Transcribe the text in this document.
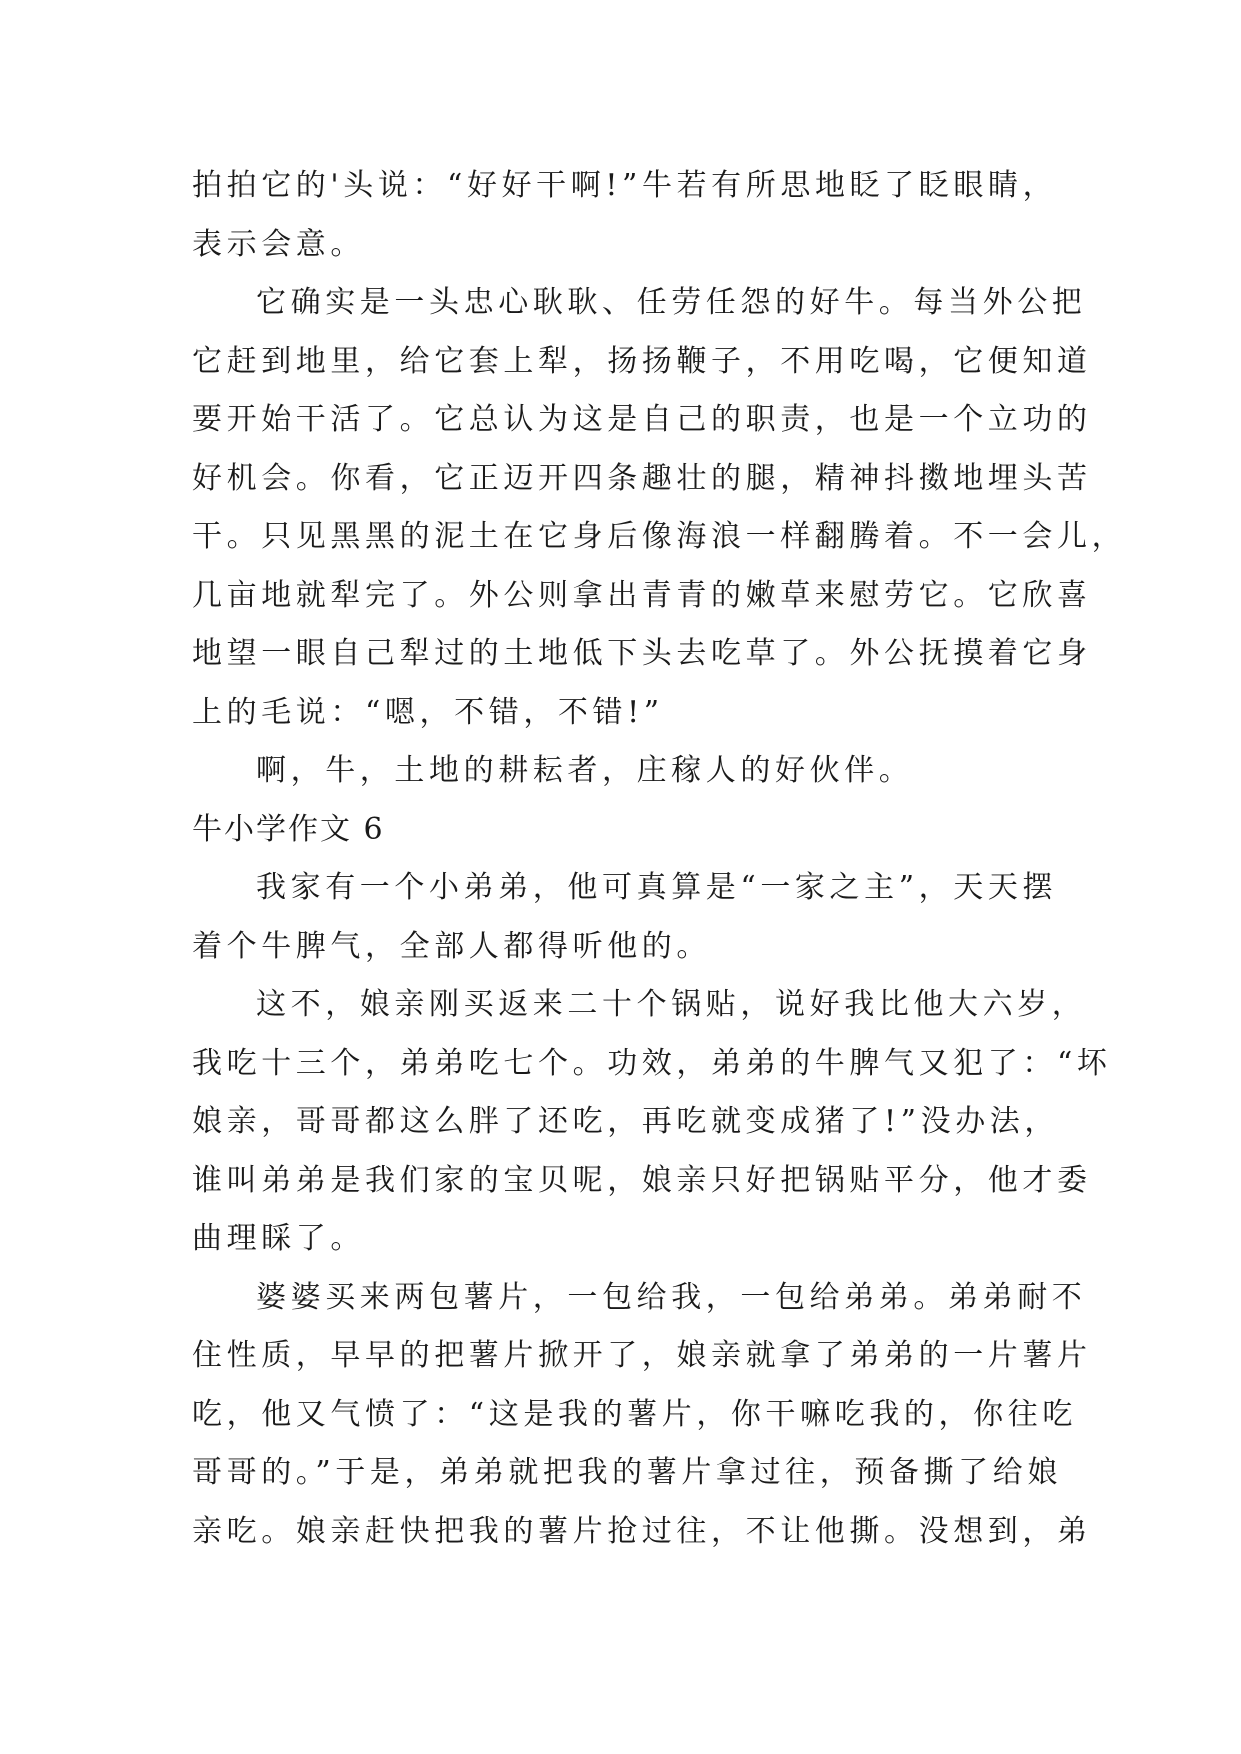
拍拍它的'头说：“好好干啊!”牛若有所思地眨了眨眼睛，
表示会意。
它确实是一头忠心耿耿、任劳任怨的好牛。每当外公把
它赶到地里，给它套上犁，扬扬鞭子，不用吃喝，它便知道
要开始干活了。它总认为这是自己的职责，也是一个立功的
好机会。你看，它正迈开四条趣壮的腿，精神抖擞地埋头苦
干。只见黑黑的泥土在它身后像海浪一样翻腾着。不一会儿，
几亩地就犁完了。外公则拿出青青的嫩草来慰劳它。它欣喜
地望一眼自己犁过的土地低下头去吃草了。外公抚摸着它身
上的毛说：“嗯，不错，不错!”
啊，牛，土地的耕耘者，庄稼人的好伙伴。
牛小学作文 6
我家有一个小弟弟，他可真算是“一家之主”，天天摆
着个牛脾气，全部人都得听他的。
这不，娘亲刚买返来二十个锅贴，说好我比他大六岁，
我吃十三个，弟弟吃七个。功效，弟弟的牛脾气又犯了：“坏
娘亲，哥哥都这么胖了还吃，再吃就变成猪了!”没办法，
谁叫弟弟是我们家的宝贝呢，娘亲只好把锅贴平分，他才委
曲理睬了。
婆婆买来两包薯片，一包给我，一包给弟弟。弟弟耐不
住性质，早早的把薯片掀开了，娘亲就拿了弟弟的一片薯片
吃，他又气愤了：“这是我的薯片，你干嘛吃我的，你往吃
哥哥的。”于是，弟弟就把我的薯片拿过往，预备撕了给娘
亲吃。娘亲赶快把我的薯片抢过往，不让他撕。没想到，弟
